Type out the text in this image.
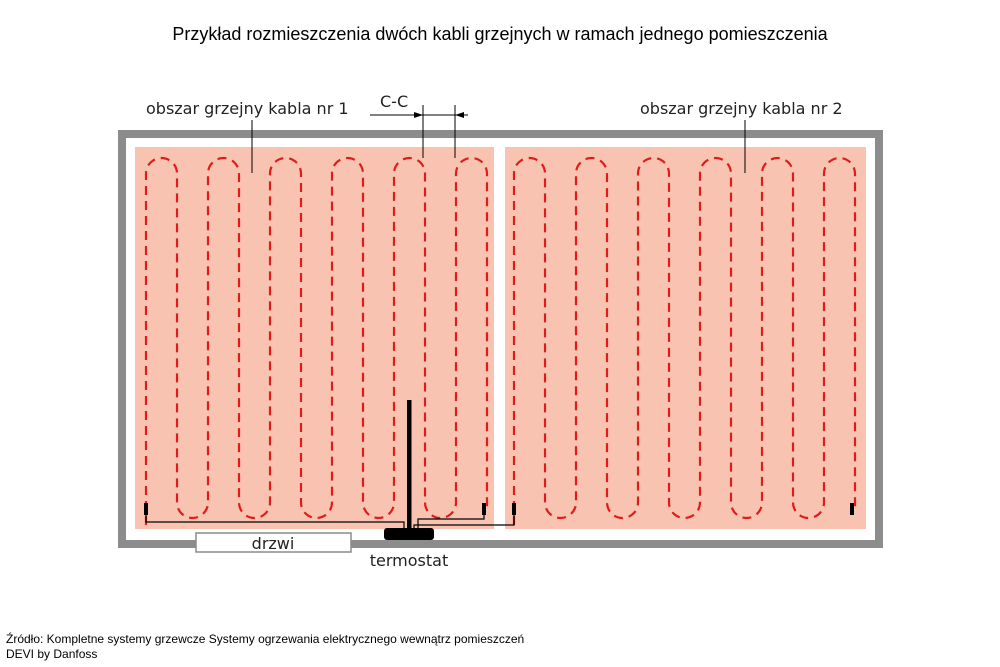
Przykład rozmieszczenia dwóch kabli grzejnych w ramach jednego pomieszczenia
obszar grzejny kabla nr 1	obszar grzejny kabla nr 2
C-C
drzwi
termostat
Źródło: Kompletne systemy grzewcze Systemy ogrzewania elektrycznego wewnątrz pomieszczeń
DEVI by Danfoss
